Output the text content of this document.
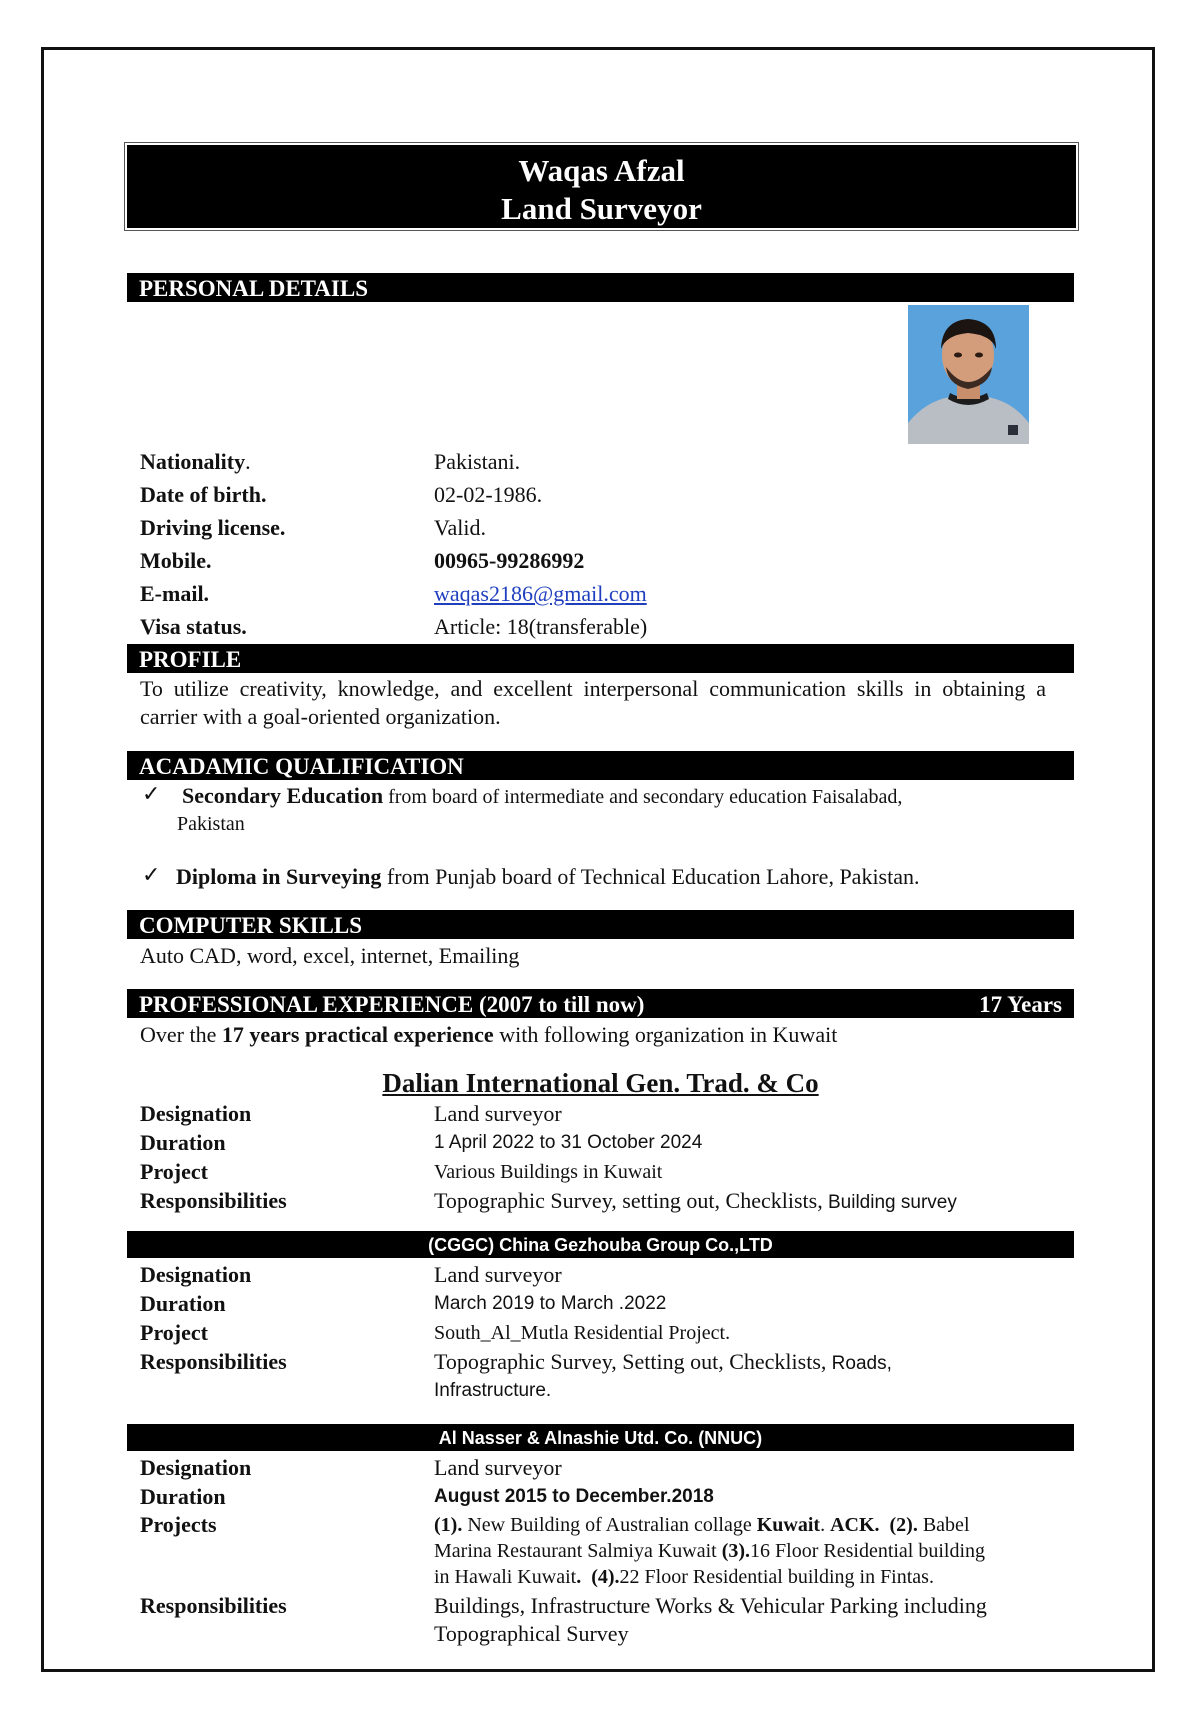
Waqas Afzal
Land Surveyor
PERSONAL DETAILS
Nationality.	Pakistani.
Date of birth.	02-02-1986.
Driving license.	Valid.
Mobile.	00965-99286992
E-mail.	waqas2186@gmail.com
Visa status.	Article: 18(transferable)
PROFILE
To utilize creativity, knowledge, and excellent interpersonal communication skills in obtaining a carrier with a goal-oriented organization.
ACADAMIC QUALIFICATION
✓ Secondary Education from board of intermediate and secondary education Faisalabad,
Pakistan
✓ Diploma in Surveying from Punjab board of Technical Education Lahore, Pakistan.
COMPUTER SKILLS
Auto CAD, word, excel, internet, Emailing
PROFESSIONAL EXPERIENCE (2007 to till now)	17 Years
Over the 17 years practical experience with following organization in Kuwait
Dalian International Gen. Trad. & Co
Designation	Land surveyor
Duration	1 April 2022 to 31 October 2024
Project	Various Buildings in Kuwait
Responsibilities	Topographic Survey, setting out, Checklists, Building survey
(CGGC) China Gezhouba Group Co.,LTD
Designation	Land surveyor
Duration	March 2019 to March .2022
Project	South_Al_Mutla Residential Project.
Responsibilities	Topographic Survey, Setting out, Checklists, Roads,
Infrastructure.
Al Nasser & Alnashie Utd. Co. (NNUC)
Designation	Land surveyor
Duration	August 2015 to December.2018
Projects	(1). New Building of Australian collage Kuwait. ACK. (2). Babel
Marina Restaurant Salmiya Kuwait (3).16 Floor Residential building
in Hawali Kuwait. (4).22 Floor Residential building in Fintas.
Responsibilities	Buildings, Infrastructure Works & Vehicular Parking including
Topographical Survey
